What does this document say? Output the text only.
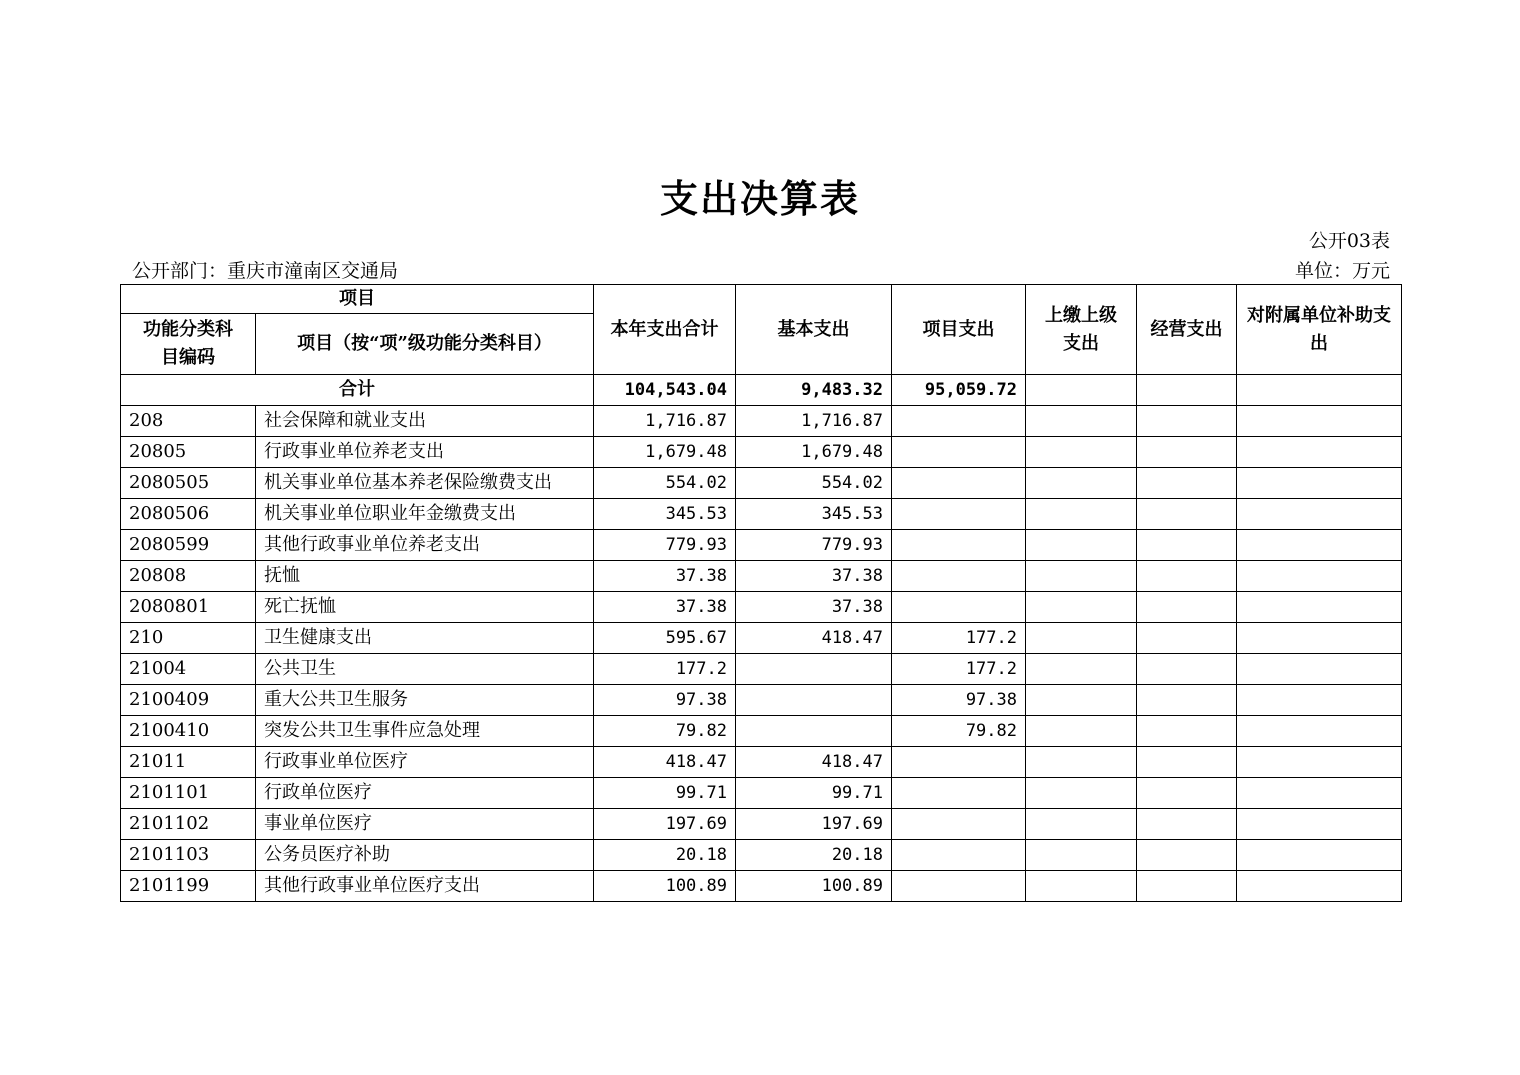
支出决算表
公开03表
公开部门：重庆市潼南区交通局	单位：万元
项目		本年支出合计	基本支出	项目支出	上缴上级支出	经营支出	对附属单位补助支出
功能分类科目编码	项目（按“项”级功能分类科目）						
合计		104,543.04	9,483.32	95,059.72			
208	社会保障和就业支出	1,716.87	1,716.87				
20805	行政事业单位养老支出	1,679.48	1,679.48				
2080505	机关事业单位基本养老保险缴费支出	554.02	554.02				
2080506	机关事业单位职业年金缴费支出	345.53	345.53				
2080599	其他行政事业单位养老支出	779.93	779.93				
20808	抚恤	37.38	37.38				
2080801	死亡抚恤	37.38	37.38				
210	卫生健康支出	595.67	418.47	177.2			
21004	公共卫生	177.2		177.2			
2100409	重大公共卫生服务	97.38		97.38			
2100410	突发公共卫生事件应急处理	79.82		79.82			
21011	行政事业单位医疗	418.47	418.47				
2101101	行政单位医疗	99.71	99.71				
2101102	事业单位医疗	197.69	197.69				
2101103	公务员医疗补助	20.18	20.18				
2101199	其他行政事业单位医疗支出	100.89	100.89				
